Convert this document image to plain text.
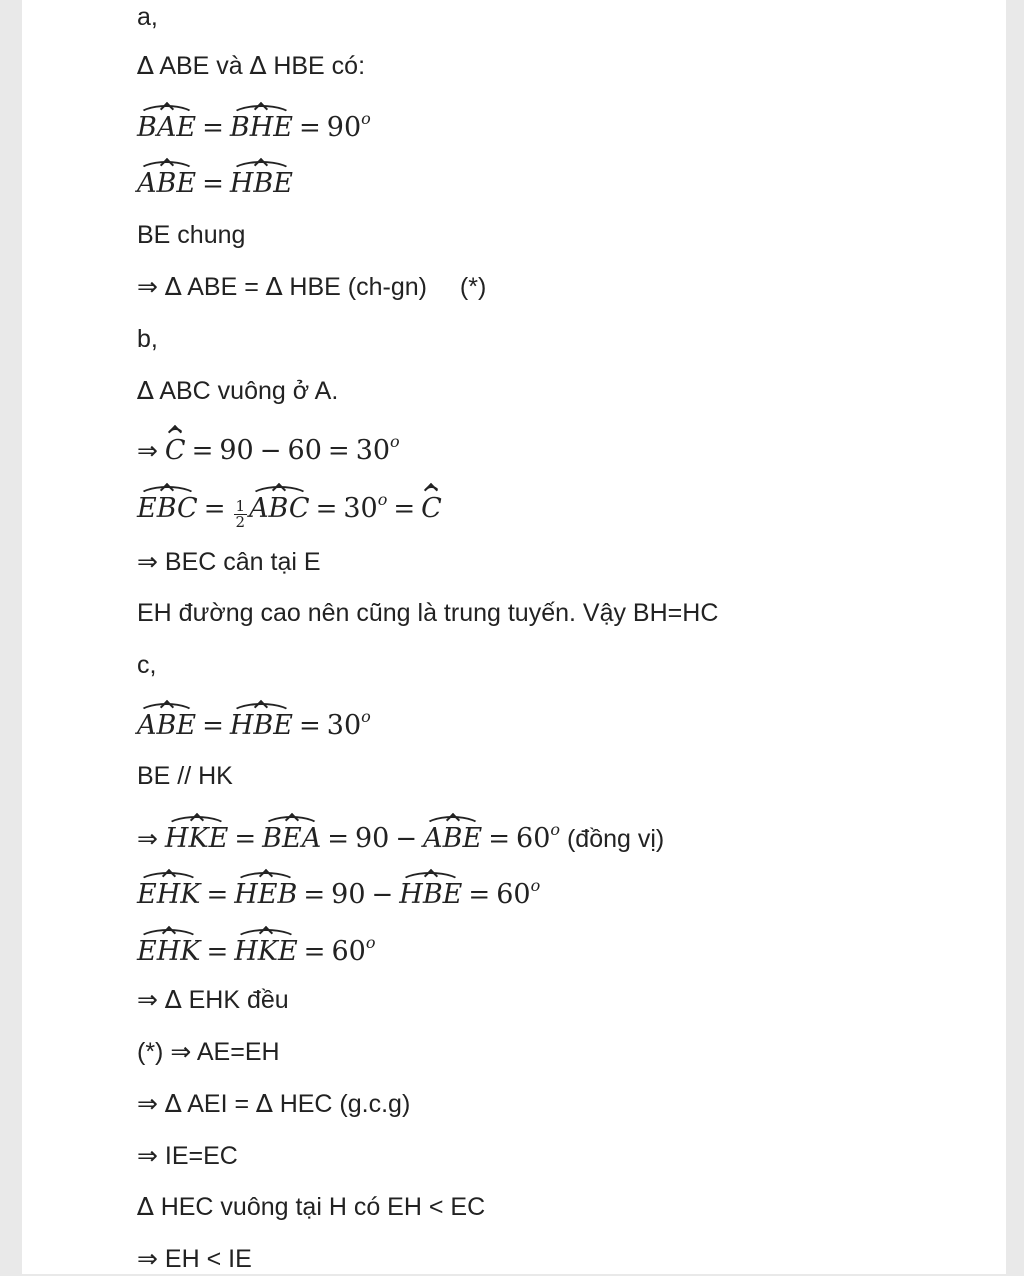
a,
∆ ABE và ∆ HBE có:
BAE = BHE = $90^o$
ABE = HBE
BE chung
⇒ ∆ ABE = ∆ HBE (ch-gn) (*)
b,
∆ ABC vuông ở A.
⇒ $C = 90 - 60 = 30^o$
EBC = $\frac{1}{2}$ ABC = $30^o = C$
⇒ BEC cân tại E
EH đường cao nên cũng là trung tuyến. Vậy BH=HC
c,
ABE = HBE = $30^o$
BE // HK
⇒ HKE = BEA = 90 − ABE = $60^o$ (đồng vị)
EHK = HEB = 90 − HBE = $60^o$
EHK = HKE = $60^o$
⇒ ∆ EHK đều
(*) ⇒ AE=EH
⇒ ∆ AEI = ∆ HEC (g.c.g)
⇒ IE=EC
∆ HEC vuông tại H có EH < EC
⇒ EH < IE
